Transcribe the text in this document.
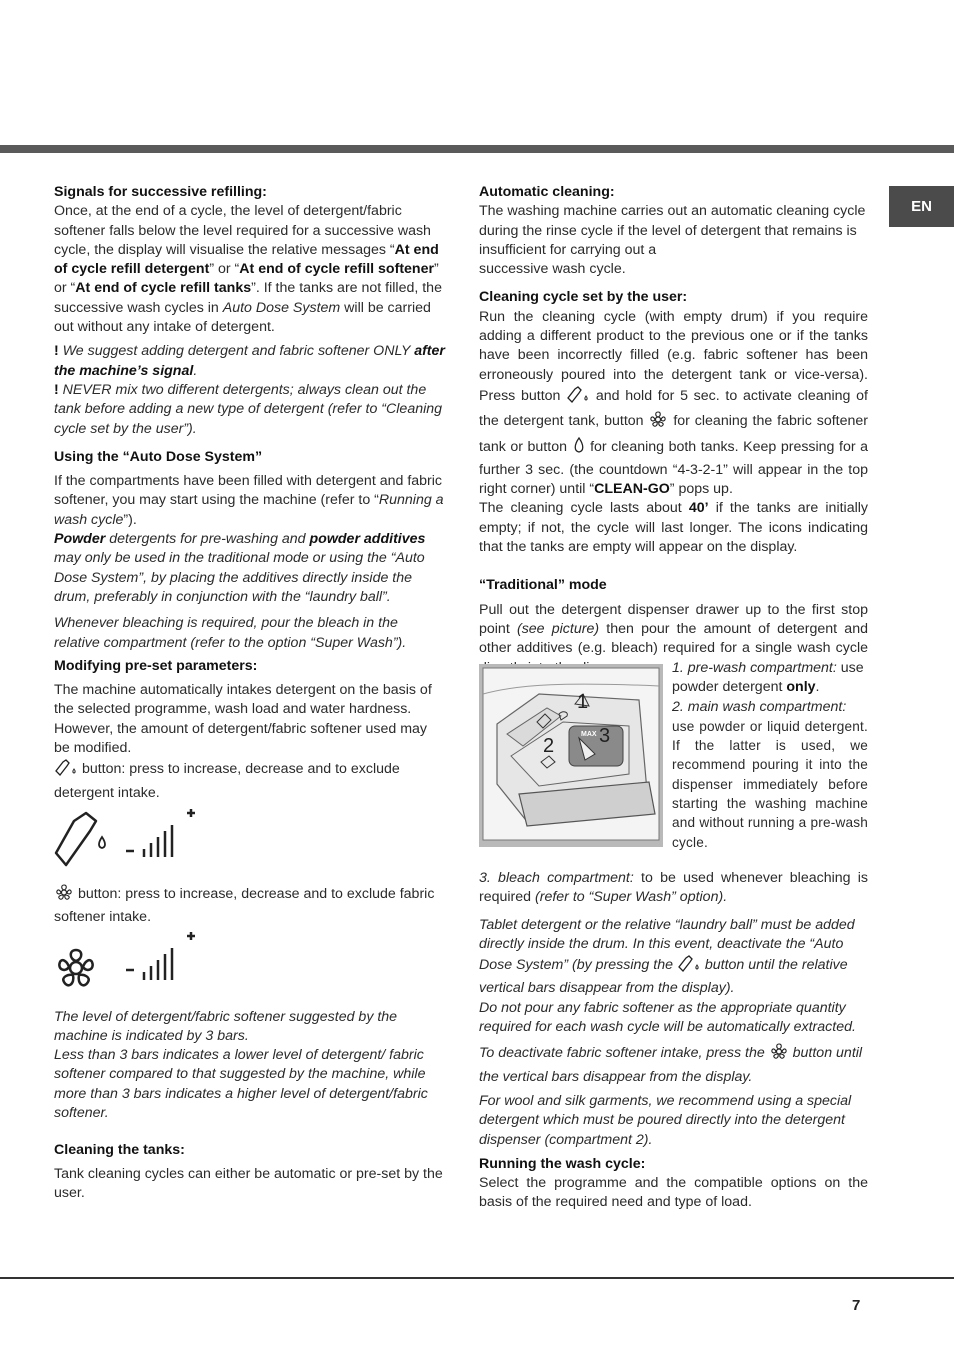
EN

Signals for successive refilling:

Once, at the end of a cycle, the level of detergent/fabric softener falls below the level required for a successive wash cycle, the display will visualise the relative messages “At end of cycle refill detergent” or “At end of cycle refill softener” or “At end of cycle refill tanks”. If the tanks are not filled, the successive wash cycles in Auto Dose System will be carried out without any intake of detergent.

! We suggest adding detergent and fabric softener ONLY after the machine’s signal.

! NEVER mix two different detergents; always clean out the tank before adding a new type of detergent (refer to “Cleaning cycle set by the user”).

Using the “Auto Dose System”

If the compartments have been filled with detergent and fabric softener, you may start using the machine (refer to “Running a wash cycle”).

Powder detergents for pre-washing and powder additives may only be used in the traditional mode or using the “Auto Dose System”, by placing the additives directly inside the drum, preferably in conjunction with the “laundry ball”.

Whenever bleaching is required, pour the bleach in the relative compartment (refer to the option “Super Wash”).

Modifying pre-set parameters:

The machine automatically intakes detergent on the basis of the selected programme, wash load and water hardness. However, the amount of detergent/fabric softener used may be modified.

button: press to increase, decrease and to exclude detergent intake.

button: press to increase, decrease and to exclude fabric softener intake.

The level of detergent/fabric softener suggested by the machine is indicated by 3 bars.

Less than 3 bars indicates a lower level of detergent/ fabric softener compared to that suggested by the machine, while more than 3 bars indicates a higher level of detergent/fabric softener.

Cleaning the tanks:

Tank cleaning cycles can either be automatic or pre-set by the user.

Automatic cleaning:

The washing machine carries out an automatic cleaning cycle during the rinse cycle if the level of detergent that remains is insufficient for carrying out a

successive wash cycle.

Cleaning cycle set by the user:

Run the cleaning cycle (with empty drum) if you require adding a different product to the previous one or if the tanks have been incorrectly filled (e.g. fabric softener has been erroneously poured into the detergent tank or vice-versa). Press button  and hold for 5 sec. to activate cleaning of the detergent tank, button  for cleaning the fabric softener tank or button  for cleaning both tanks. Keep pressing for a further 3 sec. (the countdown “4-3-2-1” will appear in the top right corner) until “CLEAN-GO” pops up.

The cleaning cycle lasts about 40’ if the tanks are initially empty; if not, the cycle will last longer. The icons indicating that the tanks are empty will appear on the display.

“Traditional” mode

Pull out the detergent dispenser drawer up to the first stop point (see picture) then pour the amount of detergent and other additives (e.g. bleach) required for a single wash cycle

MAX
1
2 3

1. pre-wash compartment: use powder detergent only.

2. main wash compartment:

use powder or liquid detergent. If the latter is used, we recommend pouring it into the dispenser immediately before starting the washing machine and without running a pre-wash cycle.

3. bleach compartment: to be used whenever bleaching is required (refer to “Super Wash” option).

Tablet detergent or the relative “laundry ball” must be added directly inside the drum. In this event, deactivate the “Auto Dose System” (by pressing the  button until the relative vertical bars disappear from the display).

Do not pour any fabric softener as the appropriate quantity required for each wash cycle will be automatically extracted.

To deactivate fabric softener intake, press the  button until the vertical bars disappear from the display.

For wool and silk garments, we recommend using a special detergent which must be poured directly into the detergent dispenser (compartment 2).

Running the wash cycle:

Select the programme and the compatible options on the basis of the required need and type of load.

7
